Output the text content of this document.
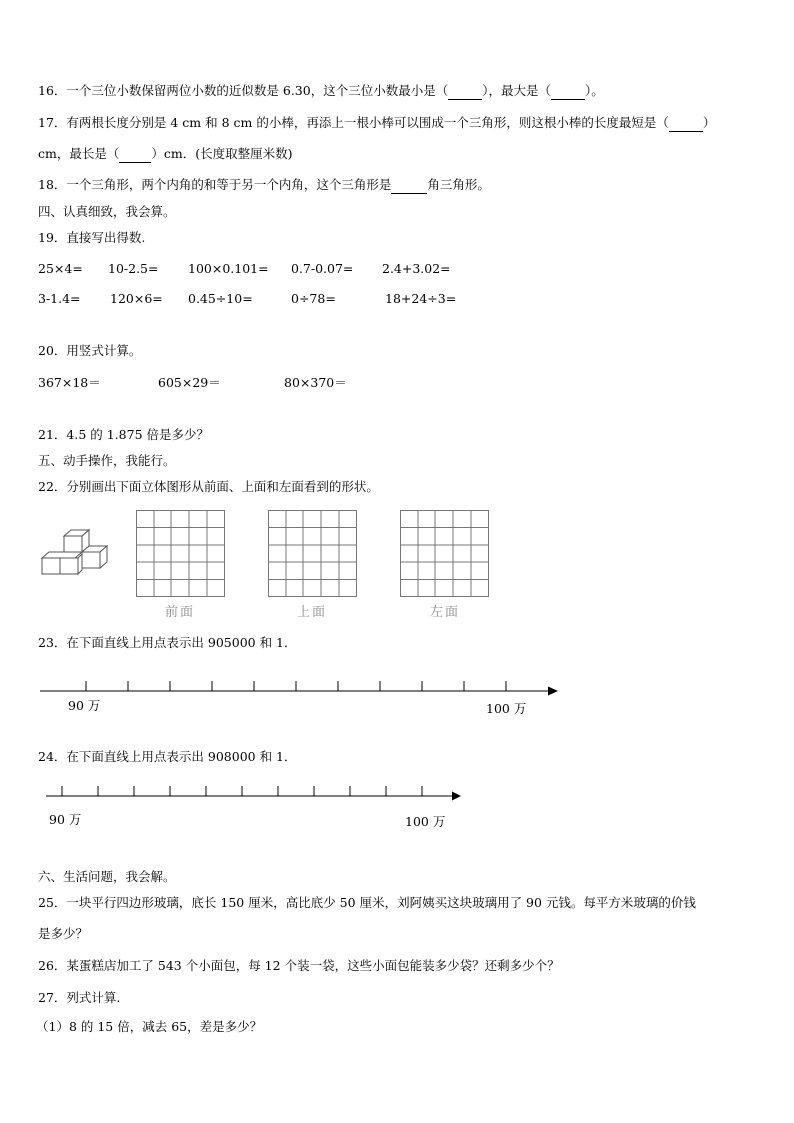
16．一个三位小数保留两位小数的近似数是 6.30，这个三位小数最小是（	），最大是（	）。
17．有两根长度分别是 4 cm 和 8 cm 的小棒，再添上一根小棒可以围成一个三角形，则这根小棒的长度最短是（	）
cm，最长是（	）cm．(长度取整厘米数)
18．一个三角形，两个内角的和等于另一个内角，这个三角形是	角三角形。
四、认真细致，我会算。
19．直接写出得数.
25×4= 10-2.5= 100×0.101= 0.7-0.07= 2.4+3.02=
3-1.4= 120×6= 0.45÷10=	0÷78=	18+24÷3=
20．用竖式计算。
367×18＝	605×29＝	80×370＝
21．4.5 的 1.875 倍是多少？
五、动手操作，我能行。
22．分别画出下面立体图形从前面、上面和左面看到的形状。
前面	上面	左面
23．在下面直线上用点表示出 905000 和 1．
90 万	100 万
24．在下面直线上用点表示出 908000 和 1．
90 万	100 万
六、生活问题，我会解。
25．一块平行四边形玻璃，底长 150 厘米，高比底少 50 厘米，刘阿姨买这块玻璃用了 90 元钱。每平方米玻璃的价钱
是多少？
26．某蛋糕店加工了 543 个小面包，每 12 个装一袋，这些小面包能装多少袋？还剩多少个？
27．列式计算.
（1）8 的 15 倍，减去 65，差是多少？
